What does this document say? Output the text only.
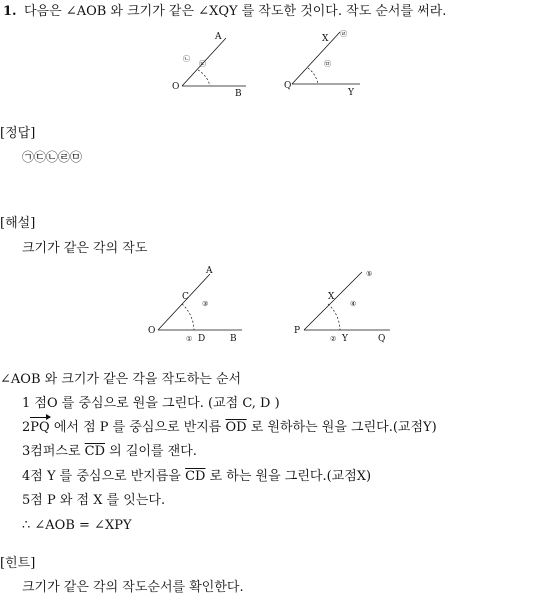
1. 다음은 ∠AOB 와 크기가 같은 ∠XQY 를 작도한 것이다. 작도 순서를 써라.
A
O
B
㉡
㉢
X
Q
Y
㉣
㉤
[정답]
㉠㉢㉡㉣㉤
[해설]
크기가 같은 각의 작도
A
C
O
D	B
③
①
⑤
X
④
P
② Y	Q
∠AOB 와 크기가 같은 각을 작도하는 순서
1 점O 를 중심으로 원을 그린다. (교점 C, D )
2PQ 에서 점 P 를 중심으로 반지름 $\overline{OD}$ 로 원하하는 원을 그린다.(교점Y)
3컴퍼스로 $\overline{CD}$ 의 길이를 잰다.
4점 Y 를 중심으로 반지름을 $\overline{CD}$ 로 하는 원을 그린다.(교점X)
5점 P 와 점 X 를 잇는다.
∴ ∠AOB = ∠XPY
[힌트]
크기가 같은 각의 작도순서를 확인한다.
